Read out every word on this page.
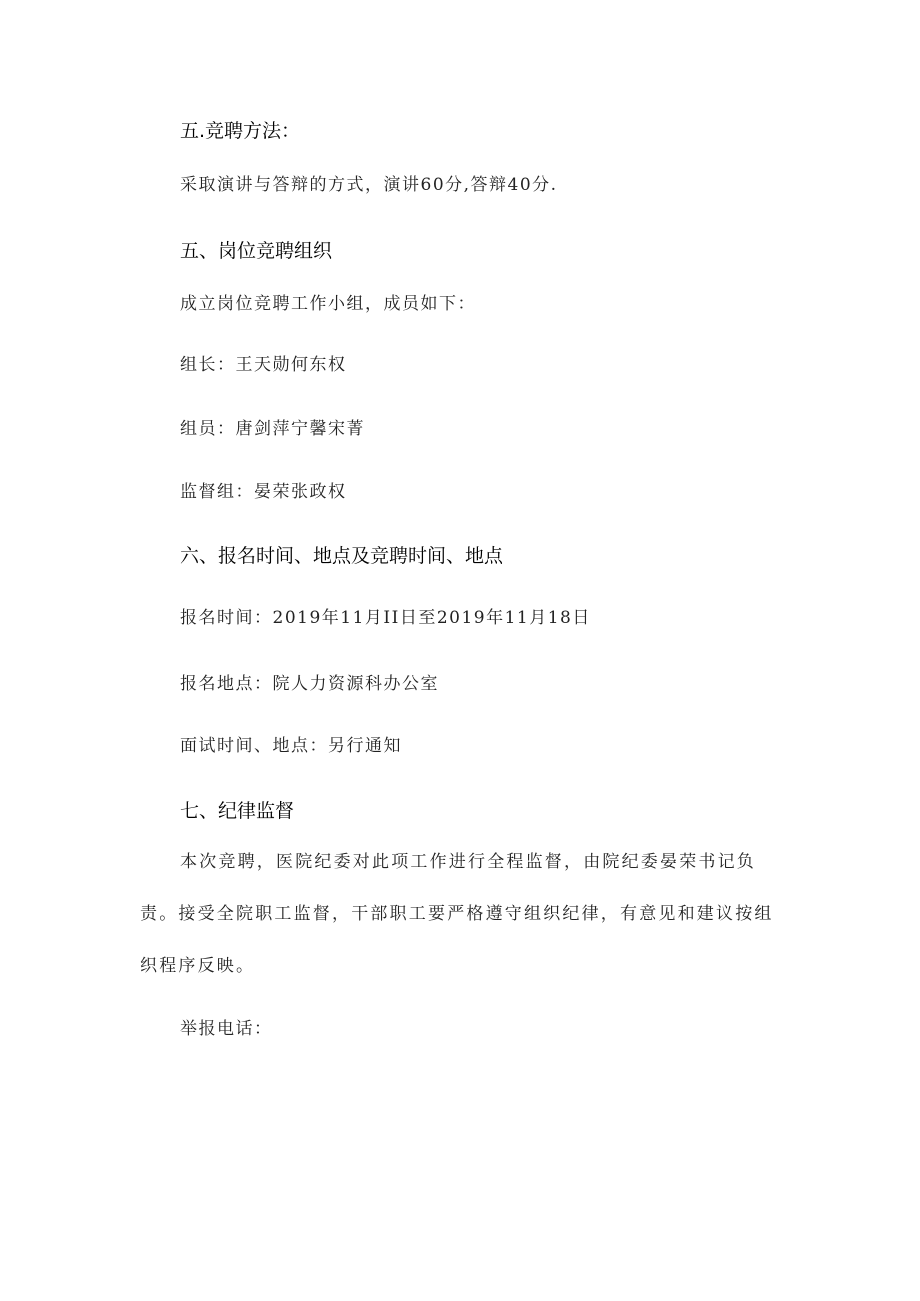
五.竞聘方法：
采取演讲与答辩的方式，演讲60分,答辩40分.
五、岗位竞聘组织
成立岗位竞聘工作小组，成员如下：
组长：王天勋何东权
组员：唐剑萍宁馨宋菁
监督组：晏荣张政权
六、报名时间、地点及竞聘时间、地点
报名时间：2019年11月II日至2019年11月18日
报名地点：院人力资源科办公室
面试时间、地点：另行通知
七、纪律监督

本次竞聘，医院纪委对此项工作进行全程监督，由院纪委晏荣书记负责。接受全院职工监督，干部职工要严格遵守组织纪律，有意见和建议按组织程序反映。

举报电话：
